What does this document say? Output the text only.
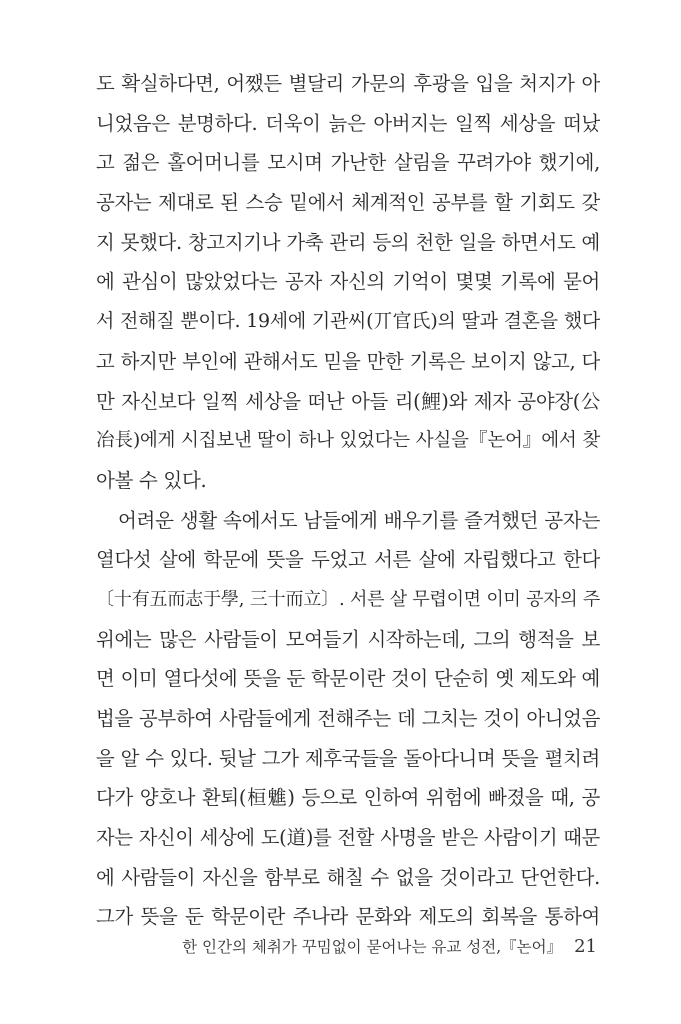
도 확실하다면, 어쨌든 별달리 가문의 후광을 입을 처지가 아
니었음은 분명하다. 더욱이 늙은 아버지는 일찍 세상을 떠났
고 젊은 홀어머니를 모시며 가난한 살림을 꾸려가야 했기에,
공자는 제대로 된 스승 밑에서 체계적인 공부를 할 기회도 갖
지 못했다. 창고지기나 가축 관리 등의 천한 일을 하면서도 예
에 관심이 많았었다는 공자 자신의 기억이 몇몇 기록에 묻어
서 전해질 뿐이다. 19세에 기관씨(丌官氏)의 딸과 결혼을 했다
고 하지만 부인에 관해서도 믿을 만한 기록은 보이지 않고, 다
만 자신보다 일찍 세상을 떠난 아들 리(鯉)와 제자 공야장(公
冶長)에게 시집보낸 딸이 하나 있었다는 사실을『논어』에서 찾
아볼 수 있다.
어려운 생활 속에서도 남들에게 배우기를 즐겨했던 공자는
열다섯 살에 학문에 뜻을 두었고 서른 살에 자립했다고 한다
〔十有五而志于學, 三十而立〕. 서른 살 무렵이면 이미 공자의 주
위에는 많은 사람들이 모여들기 시작하는데, 그의 행적을 보
면 이미 열다섯에 뜻을 둔 학문이란 것이 단순히 옛 제도와 예
법을 공부하여 사람들에게 전해주는 데 그치는 것이 아니었음
을 알 수 있다. 뒷날 그가 제후국들을 돌아다니며 뜻을 펼치려
다가 양호나 환퇴(桓魋) 등으로 인하여 위험에 빠졌을 때, 공
자는 자신이 세상에 도(道)를 전할 사명을 받은 사람이기 때문
에 사람들이 자신을 함부로 해칠 수 없을 것이라고 단언한다.
그가 뜻을 둔 학문이란 주나라 문화와 제도의 회복을 통하여
한 인간의 체취가 꾸밈없이 묻어나는 유교 성전,『논어』 21
